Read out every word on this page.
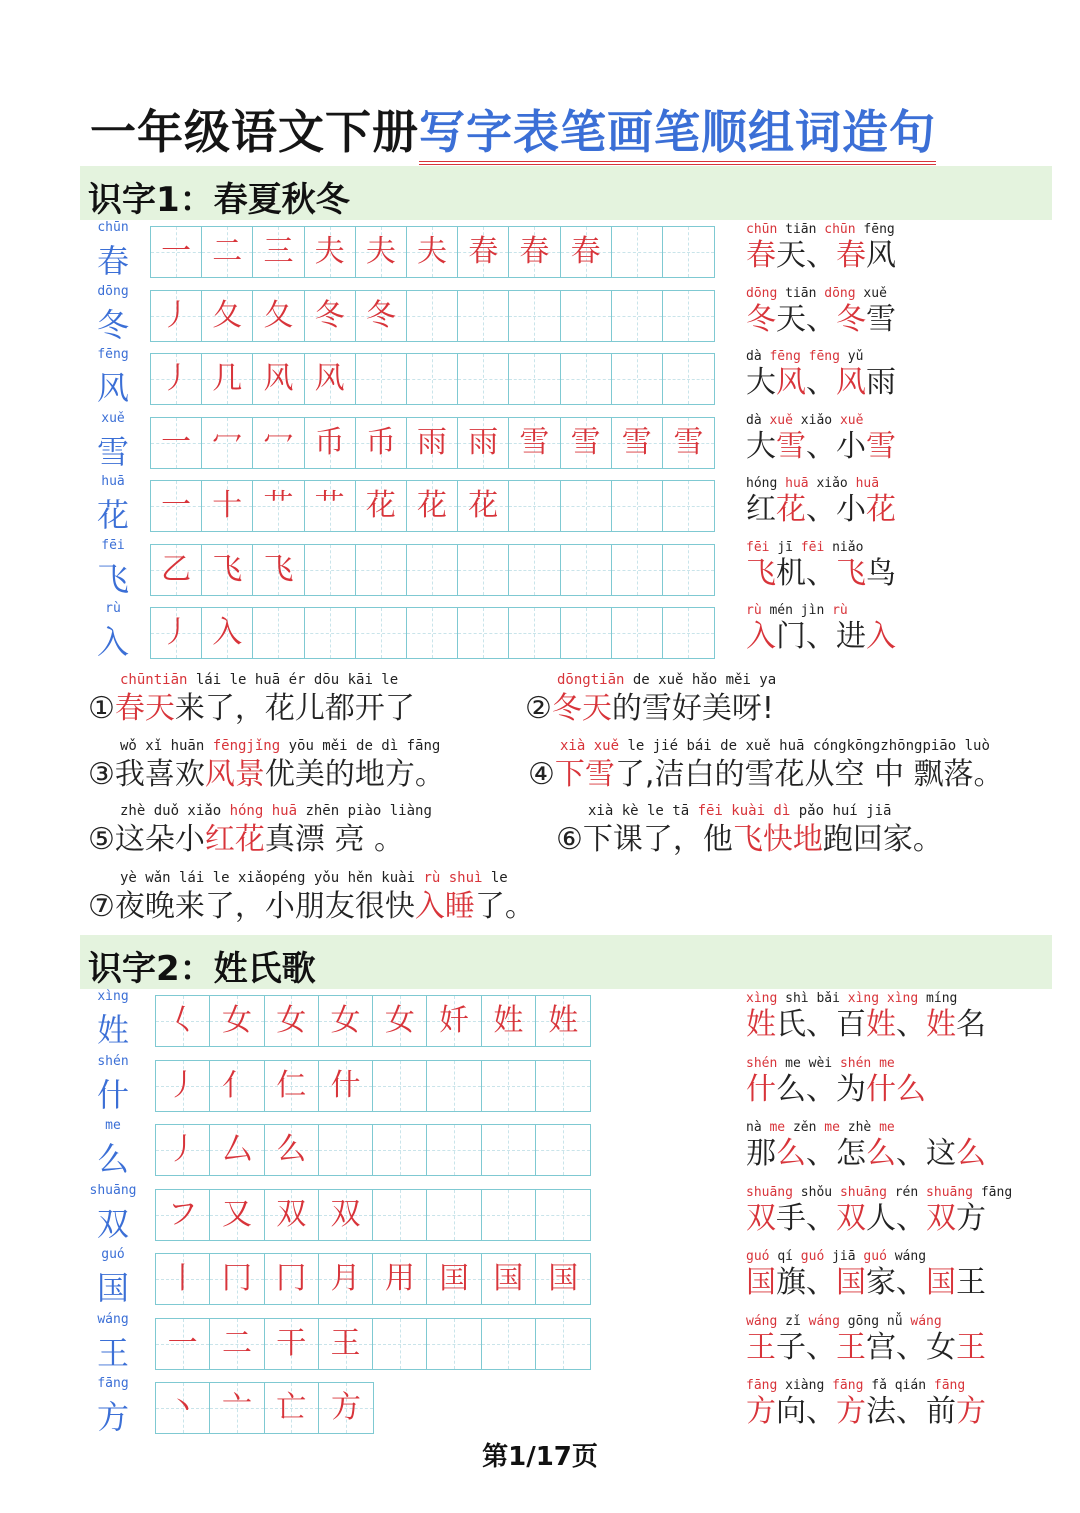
一年级语文下册写字表笔画笔顺组词造句
识字1：春夏秋冬
chūn
春	一 二 三 夫 夫 夫 春 春 春
chūn tiān chūn fēng
春天、春风
dōng
冬	丿 夂 夂 冬 冬
dōng tiān dōng xuě
冬天、冬雪
fēng
风	丿 几 风 风
dà fēng fēng yǔ
大风、风雨
xuě
雪	一 冖 冖 币 币 雨 雨 雪 雪 雪 雪
dà xuě xiǎo xuě
大雪、小雪
huā
花	一 十 艹 艹 花 花 花
hóng huā xiǎo huā
红花、小花
fēi
飞	乙 飞 飞
fēi jī fēi niǎo
飞机、飞鸟
rù
入	丿 入
rù mén jìn rù
入门、进入
chūntiān lái le huā ér dōu kāi le
①春天来了，花儿都开了
dōngtiān de xuě hǎo měi ya
②冬天的雪好美呀!
wǒ xǐ huān fēngjǐng yōu měi de dì fāng
③我喜欢风景优美的地方。
xià xuě le jié bái de xuě huā cóngkōngzhōngpiāo luò
④下雪了,洁白的雪花从空 中 飘落。
zhè duǒ xiǎo hóng huā zhēn piào liàng
⑤这朵小红花真漂 亮 。
xià kè le tā fēi kuài dì pǎo huí jiā
⑥下课了，他飞快地跑回家。
yè wǎn lái le xiǎopéng yǒu hěn kuài rù shuì le
⑦夜晚来了，小朋友很快入睡了。
识字2：姓氏歌
xìng
姓	𡿨 女 女 女 女 奷 姓 姓
xìng shì bǎi xìng xìng míng
姓氏、百姓、姓名
shén
什	丿 亻 仁 什
shén me wèi shén me
什么、为什么
me
么	丿 厶 么
nà me zěn me zhè me
那么、怎么、这么
shuāng
双	フ 又 双 双
shuāng shǒu shuāng rén shuāng fāng
双手、双人、双方
guó
国	丨 冂 冂 月 用 囯 国 国
guó qí guó jiā guó wáng
国旗、国家、国王
wáng
王	一 二 干 王
wáng zǐ wáng gōng nǚ wáng
王子、王宫、女王
fāng
方	丶 亠 亡 方
fāng xiàng fāng fǎ qián fāng
方向、方法、前方
第1/17页
